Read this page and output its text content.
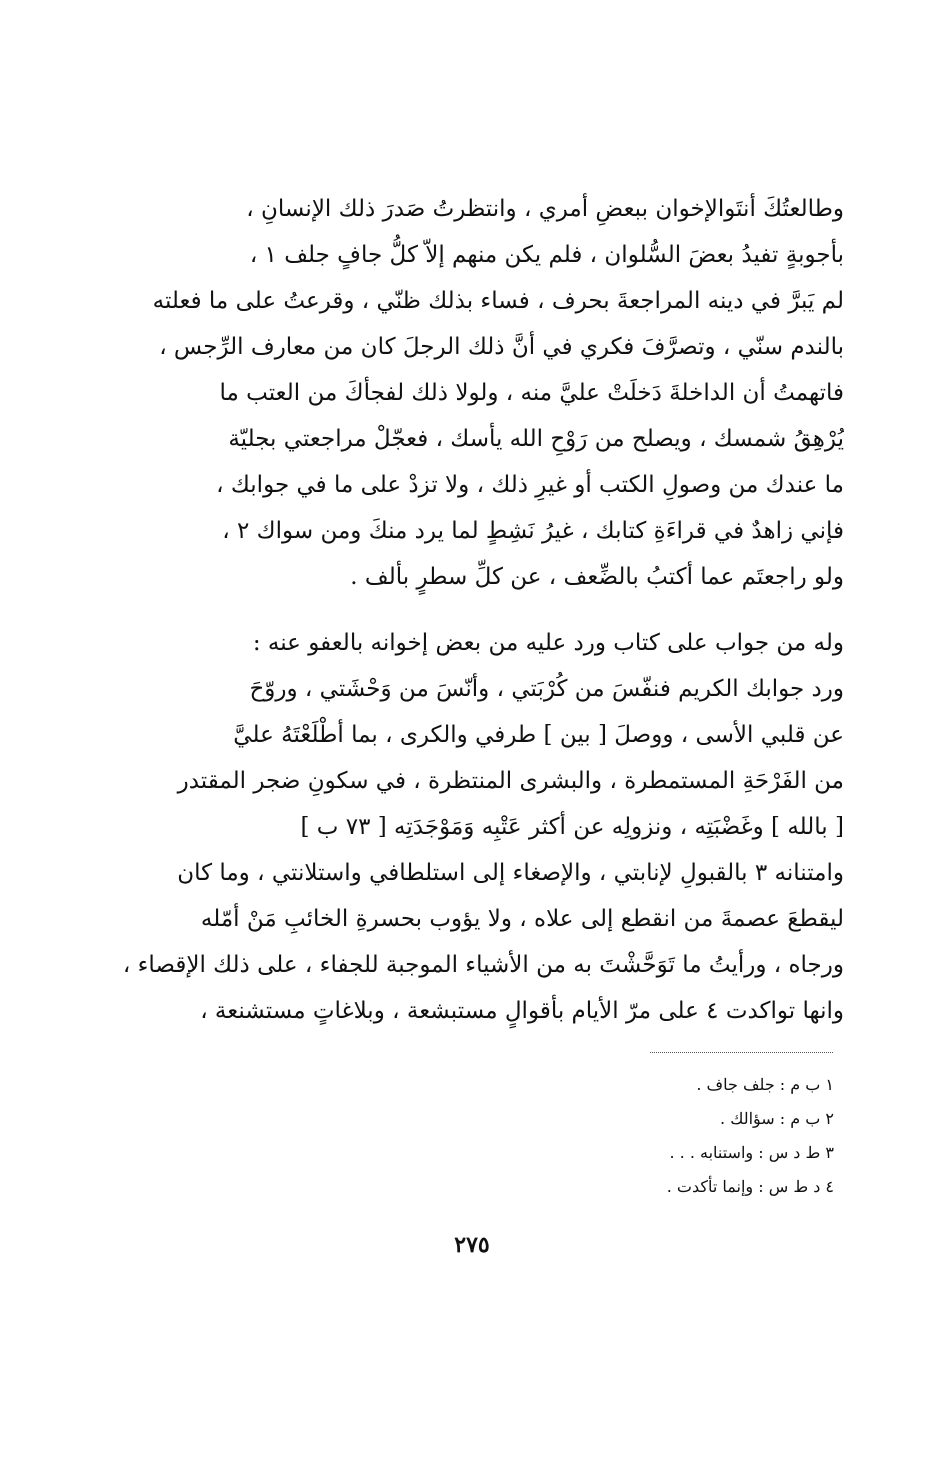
وطالعتُكَ أنتَوالإخوان ببعضِ أمري ، وانتظرتُ صَدرَ ذلك الإنسانِ ،
بأجوبةٍ تفيدُ بعضَ السُّلوان ، فلم يكن منهم إلاّ كلُّ جافٍ جلف ١ ،
لم يَبرَّ في دينه المراجعةَ بحرف ، فساء بذلك ظنّي ، وقرعتُ على ما فعلته
بالندم سنّي ، وتصرَّفَ فكري في أنَّ ذلك الرجلَ كان من معارف الرِّجس ،
فاتهمتُ أن الداخلةَ دَخلَتْ عليَّ منه ، ولولا ذلك لفجأكَ من العتب ما
يُرْهِقُ شمسك ، ويصلح من رَوْحِ الله يأسك ، فعجّلْ مراجعتي بجليّة
ما عندك من وصولِ الكتب أو غيرِ ذلك ، ولا تزدْ على ما في جوابك ،
فإني زاهدٌ في قراءَةِ كتابك ، غيرُ نَشِطٍ لما يرد منكَ ومن سواك ٢ ،
ولو راجعتَم عما أكتبُ بالضِّعف ، عن كلِّ سطرٍ بألف .
وله من جواب على كتاب ورد عليه من بعض إخوانه بالعفو عنه :
ورد جوابك الكريم فنفّسَ من كُرْبَتي ، وأنّسَ من وَحْشَتي ، وروّحَ
عن قلبي الأسى ، ووصلَ [ بين ] طرفي والكرى ، بما أطْلَعْتَهُ عليَّ
من الفَرْحَةِ المستمطرة ، والبشرى المنتظرة ، في سكونِ ضجر المقتدر
[ بالله ] وغَضْبَتِه ، ونزولِه عن أكثر عَتْبِه وَمَوْجَدَتِه [ ٧٣ ب ]
وامتنانه ٣ بالقبولِ لإنابتي ، والإصغاء إلى استلطافي واستلانتي ، وما كان
ليقطعَ عصمةَ من انقطع إلى علاه ، ولا يؤوب بحسرةِ الخائبِ مَنْ أمّله
ورجاه ، ورأيتُ ما تَوَحَّشْتَ به من الأشياء الموجبة للجفاء ، على ذلك الإقصاء ،
وانها تواكدت ٤ على مرّ الأيام بأقوالٍ مستبشعة ، وبلاغاتٍ مستشنعة ،
١ ب م : جلف جاف .
٢ ب م : سؤالك .
٣ ط د س : واستنابه . . .
٤ د ط س : وإنما تأكدت .
٢٧٥
